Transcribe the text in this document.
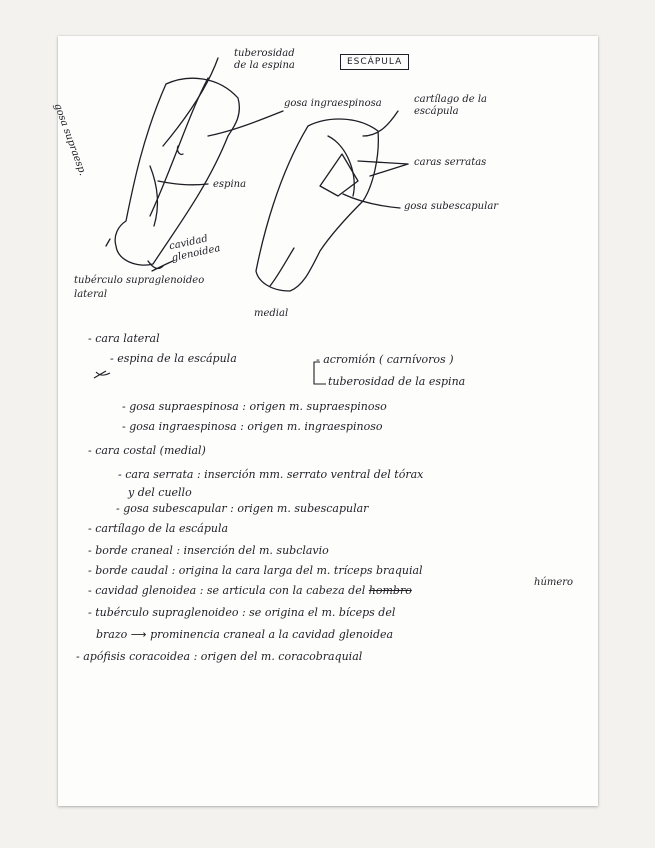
ESCÁPULA
tuberosidad de la espina
gosa ingraespinosa
espina
cavidad glenoidea
gosa supraesp.
tubérculo supraglenoideo lateral
cartílago de la escápula
caras serratas
gosa subescapular
medial
- cara lateral
- espina de la escápula	- acromión ( carnívoros )
tuberosidad de la espina
- gosa supraespinosa : origen m. supraespinoso
- gosa ingraespinosa : origen m. ingraespinoso
- cara costal (medial)
- cara serrata : inserción mm. serrato ventral del tórax
y del cuello
- gosa subescapular : origen m. subescapular
- cartílago de la escápula
- borde craneal : inserción del m. subclavio
- borde caudal : origina la cara larga del m. tríceps braquial
- cavidad glenoidea : se articula con la cabeza del hombro
húmero
- tubérculo supraglenoideo : se origina el m. bíceps del
brazo ⟶ prominencia craneal a la cavidad glenoidea
- apófisis coracoidea : origen del m. coracobraquial
